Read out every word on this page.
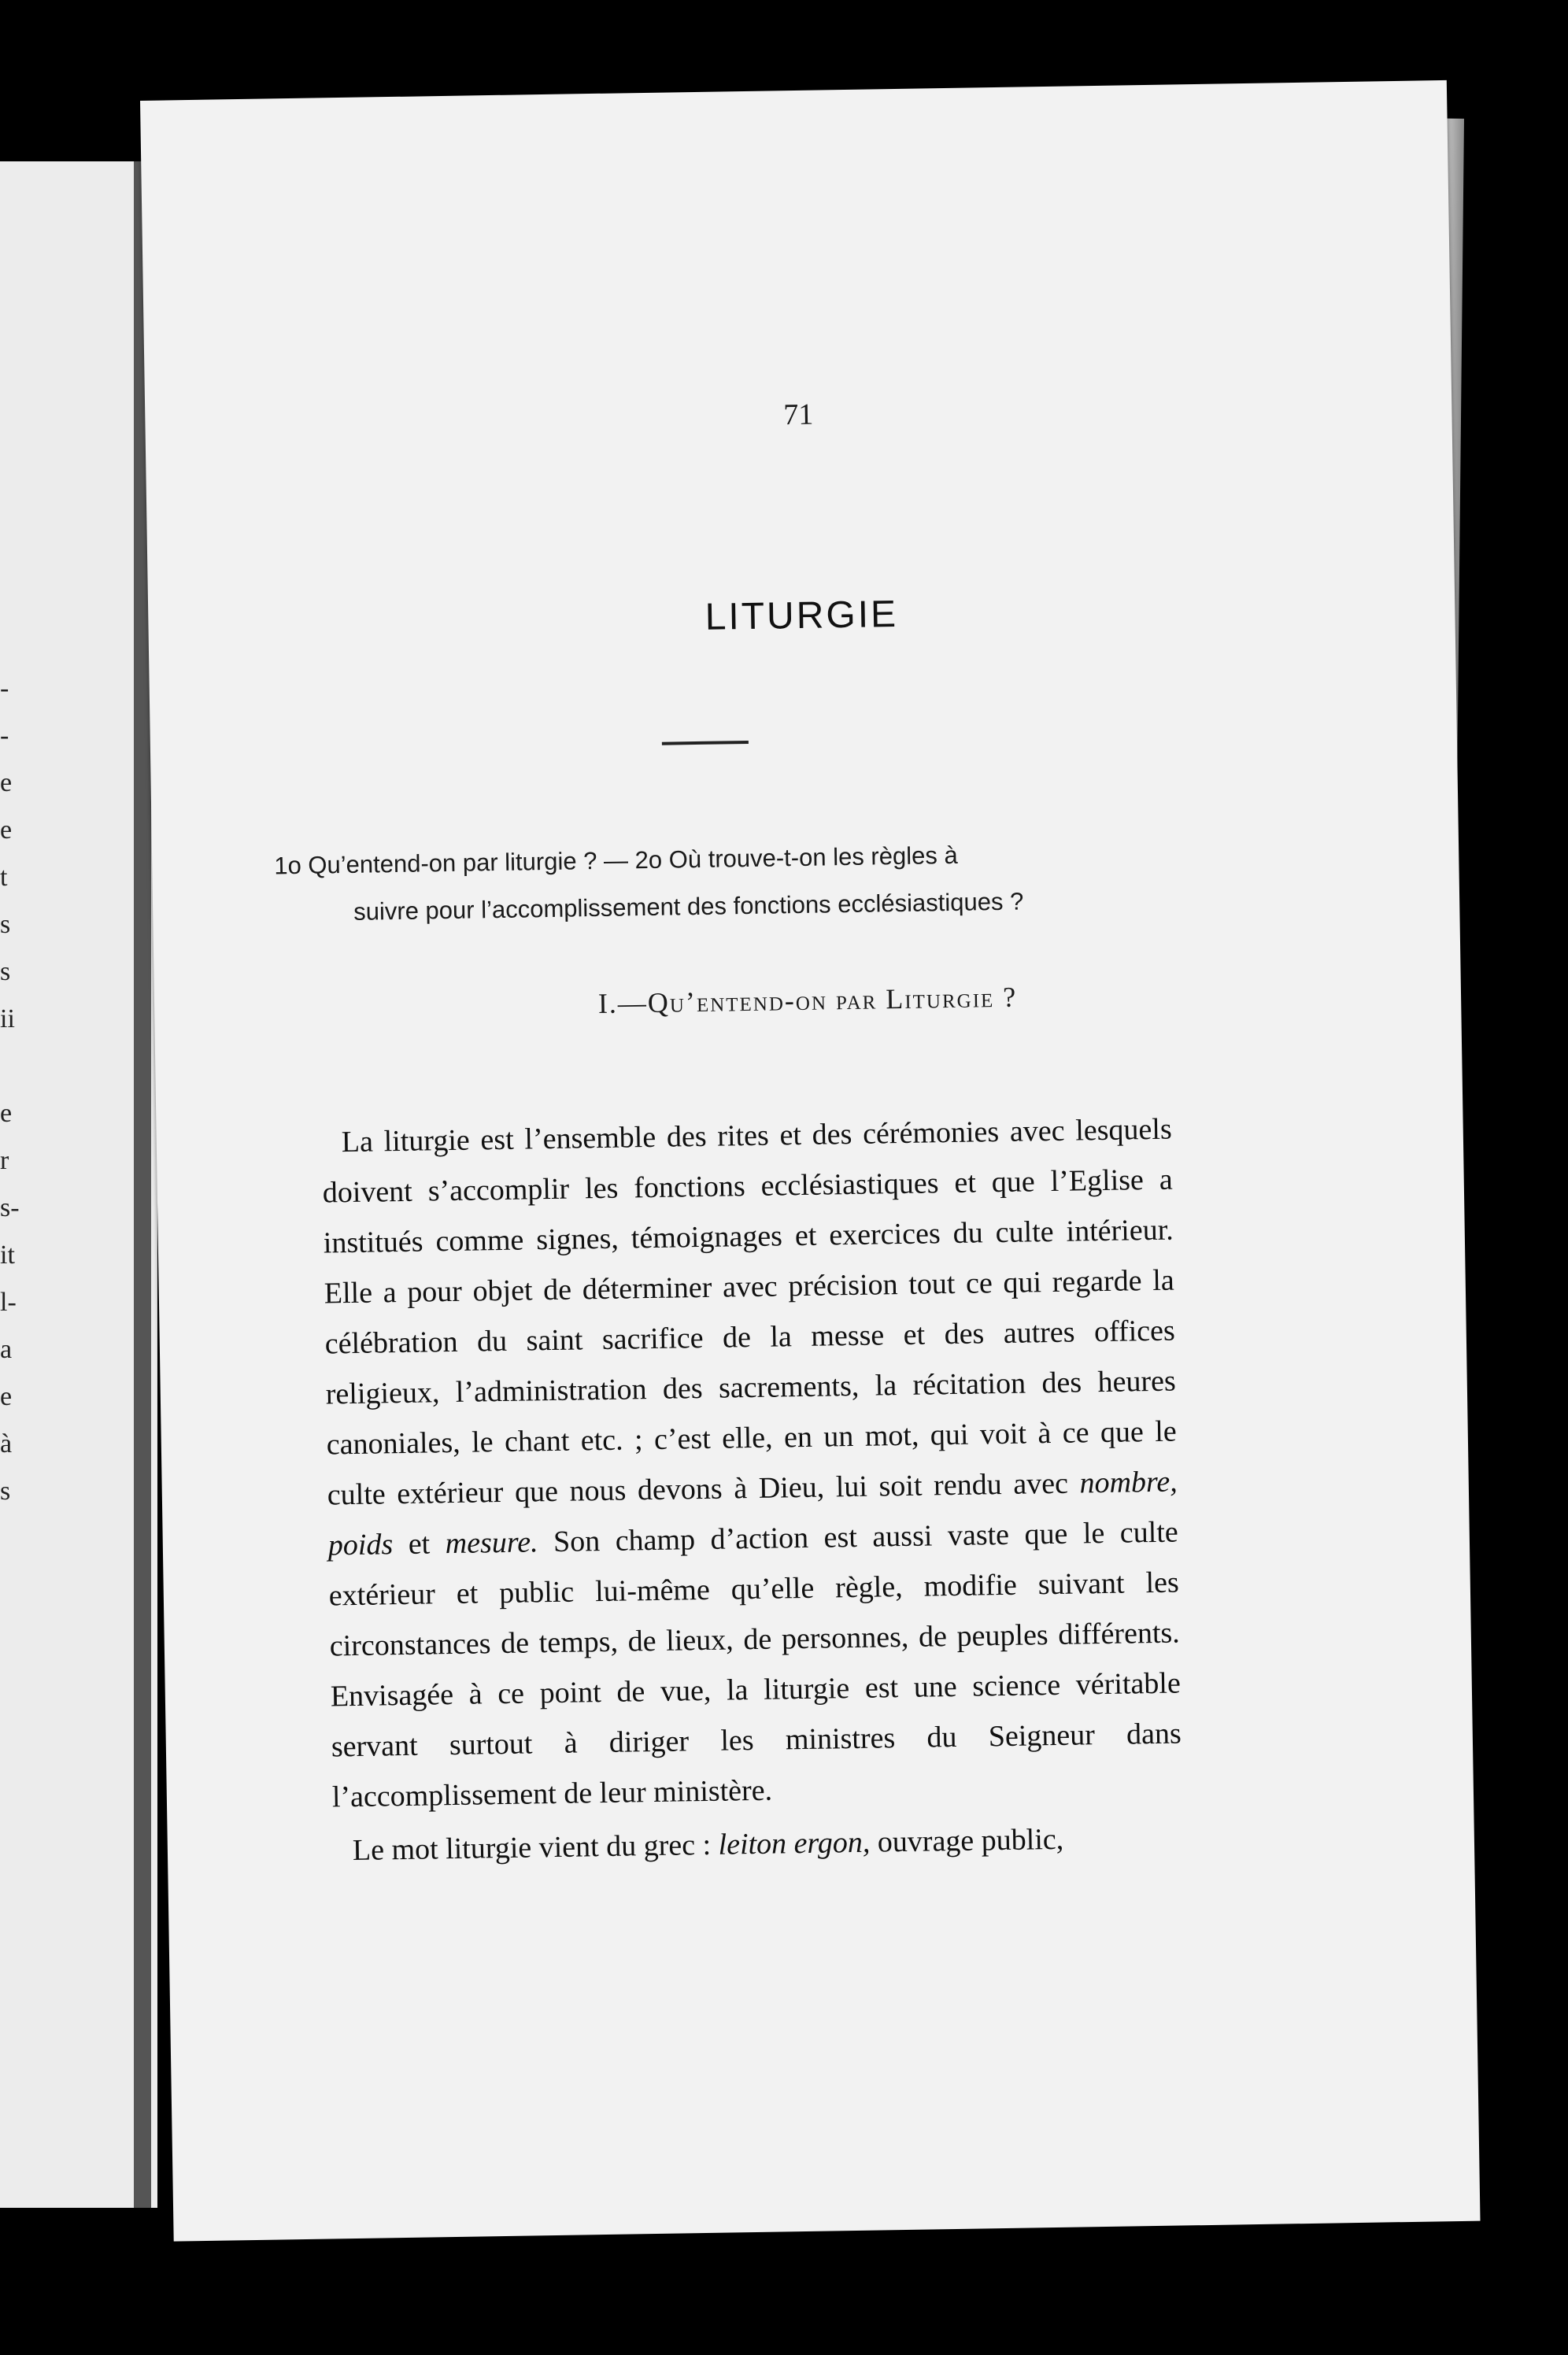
-
-
e
e
t
s
s
ii
e
r
s-
it
l-
a
e
à
s
71
LITURGIE
1o Qu’entend-on par liturgie ? — 2o Où trouve-t-on les règles à
suivre pour l’accomplissement des fonctions ecclésiastiques ?
I.—Qu’entend-on par Liturgie ?

La liturgie est l’ensemble des rites et des cérémonies avec lesquels doivent s’accomplir les fonctions ecclésiastiques et que l’Eglise a institués comme signes, témoignages et exercices du culte intérieur. Elle a pour objet de déterminer avec précision tout ce qui regarde la célébration du saint sacrifice de la messe et des autres offices religieux, l’administration des sacrements, la récitation des heures canoniales, le chant etc. ; c’est elle, en un mot, qui voit à ce que le culte extérieur que nous devons à Dieu, lui soit rendu avec nombre, poids et mesure. Son champ d’action est aussi vaste que le culte extérieur et public lui-même qu’elle règle, modifie suivant les circonstances de temps, de lieux, de personnes, de peuples différents. Envisagée à ce point de vue, la liturgie est une science véritable servant surtout à diriger les ministres du Seigneur dans l’accomplissement de leur ministère.

Le mot liturgie vient du grec : leiton ergon, ouvrage public,
